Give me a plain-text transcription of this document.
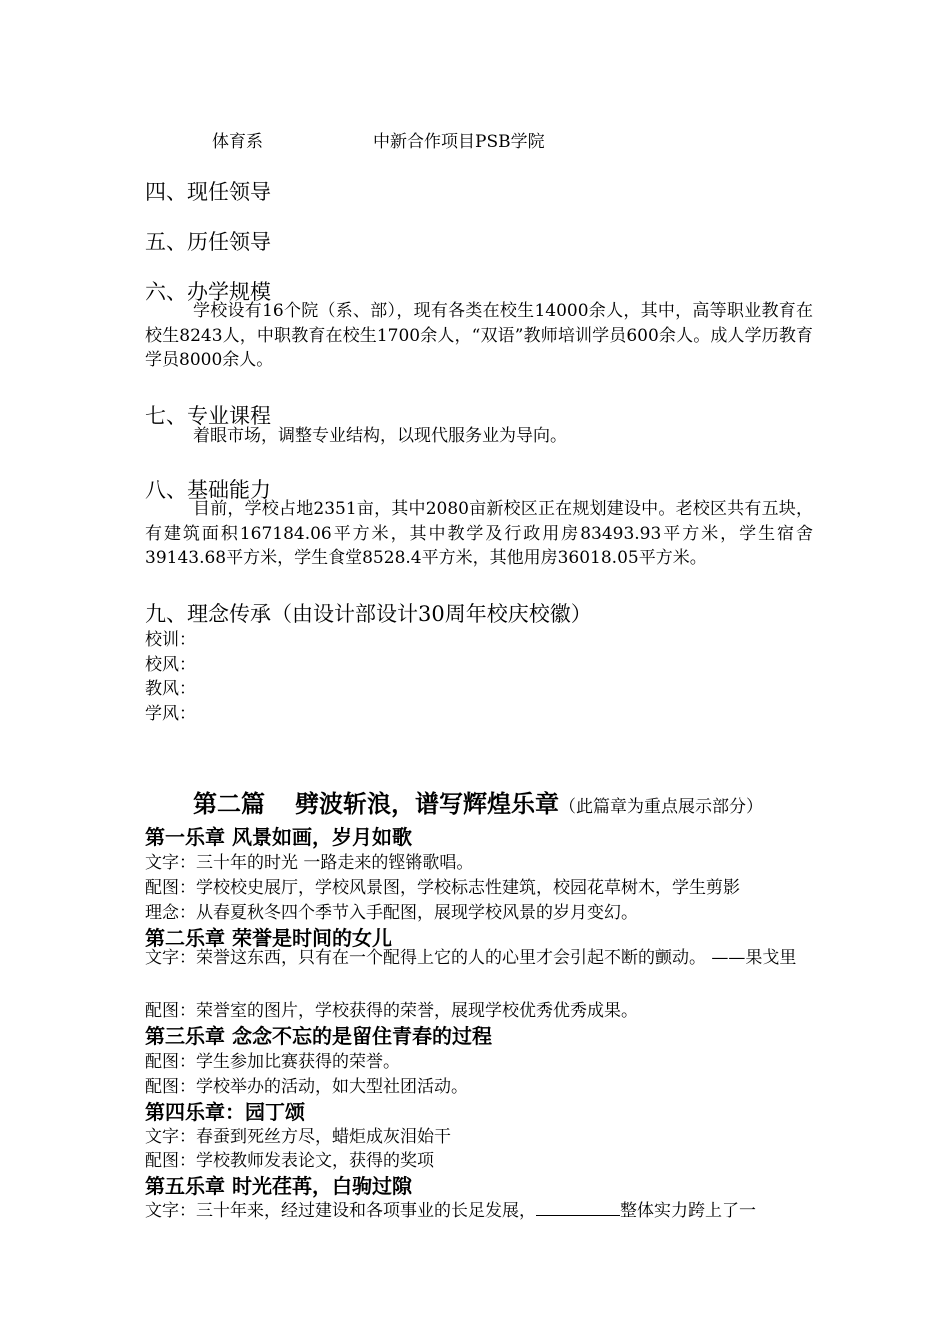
体育系	中新合作项目PSB学院
四、现任领导
五、历任领导
六、办学规模
学校设有16个院（系、部），现有各类在校生14000余人，其中，高等职业教育在校生8243人，中职教育在校生1700余人，“双语”教师培训学员600余人。成人学历教育学员8000余人。
七、专业课程
着眼市场，调整专业结构，以现代服务业为导向。
八、基础能力
目前，学校占地2351亩，其中2080亩新校区正在规划建设中。老校区共有五块，有建筑面积167184.06平方米，其中教学及行政用房83493.93平方米，学生宿舍39143.68平方米，学生食堂8528.4平方米，其他用房36018.05平方米。
九、理念传承（由设计部设计30周年校庆校徽）
校训：
校风：
教风：
学风：
第二篇 劈波斩浪，谱写辉煌乐章（此篇章为重点展示部分）
第一乐章 风景如画，岁月如歌
文字：三十年的时光 一路走来的铿锵歌唱。
配图：学校校史展厅，学校风景图，学校标志性建筑，校园花草树木，学生剪影
理念：从春夏秋冬四个季节入手配图，展现学校风景的岁月变幻。
第二乐章 荣誉是时间的女儿
文字：荣誉这东西，只有在一个配得上它的人的心里才会引起不断的颤动。 ——果戈里
配图：荣誉室的图片，学校获得的荣誉，展现学校优秀优秀成果。
第三乐章 念念不忘的是留住青春的过程
配图：学生参加比赛获得的荣誉。
配图：学校举办的活动，如大型社团活动。
第四乐章：园丁颂
文字：春蚕到死丝方尽，蜡炬成灰泪始干
配图：学校教师发表论文，获得的奖项
第五乐章 时光荏苒，白驹过隙
文字：三十年来，经过建设和各项事业的长足发展，	整体实力跨上了一
